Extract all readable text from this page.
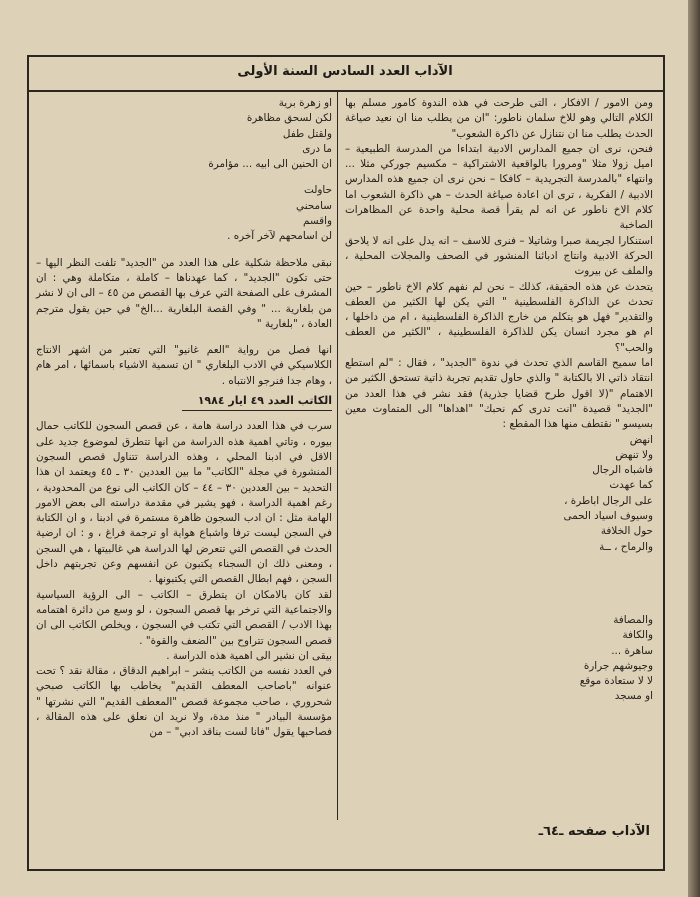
الآداب العدد السادس السنة الأولى

ومن الامور / الافكار ، التى طرحت في هذه الندوة كامور مسلم بها الكلام التالي وهو للاخ سلمان ناطور: "ان من يطلب منا ان نعيد صياغة الحدث يطلب منا ان نتنازل عن ذاكرة الشعوب"

فنحن، نرى ان جميع المدارس الادبية ابتداءا من المدرسة الطبيعية – اميل زولا مثلا "ومرورا بالواقعية الاشتراكية – مكسيم جوركي مثلا ... وانتهاء "بالمدرسة التجريدية – كافكا – نحن نرى ان جميع هذه المدارس الادبية / الفكرية ، ترى ان اعادة صياغة الحدث – هي ذاكرة الشعوب اما كلام الاخ ناطور عن انه لم يقرأ قصة محلية واحدة عن المظاهرات الصاخبة

استنكارا لجريمة صبرا وشاتيلا – فنرى للاسف – انه يدل على انه لا يلاحق الحركة الادبية وانتاج ادبائنا المنشور في الصحف والمجلات المحلية ، والملف عن بيروت

يتحدث عن هذه الحقيقة، كذلك – نحن لم نفهم كلام الاخ ناطور – حين تحدث عن الذاكرة الفلسطينية " التي يكن لها الكثير من العطف والتقدير" فهل هو يتكلم من خارج الذاكرة الفلسطينية ، ام من داخلها ، ام هو مجرد انسان يكن للذاكرة الفلسطينية ، "الكثير من العطف والحب"؟

اما سميح القاسم الذي تحدث في ندوة "الجديد" ، فقال : "لم استطع انتقاد ذاتي الا بالكتابة " والذي حاول تقديم تجربة ذاتية تستحق الكثير من الاهتمام "(لا اقول طرح قضايا جذرية) فقد نشر في هذا العدد من "الجديد" قصيدة "انت تدرى كم نحبك" "اهداها" الى المتماوت معين بسيسو " نقتطف منها هذا المقطع :

انهض

ولا تنهض

فاشباه الرجال

كما عهدت

على الرجال اباطرة ،

وسيوف اسياد الحمى

حول الخلافة

والرماح ، ــة

والمصافة

والكافة

ساهرة ...

وجيوشهم جرارة

لا لا ستعادة موقع

او مسجد

او زهرة برية

لكن لسحق مظاهرة

ولقتل طفل

ما درى

ان الحنين الى ابيه ... مؤامرة

حاولت

سامحني

واقسم

لن اسامحهم لآخر آخره .

نبقى ملاحظة شكلية على هذا العدد من "الجديد" تلفت النظر اليها – حتى تكون "الجديد" ، كما عهدناها – كاملة ، متكاملة وهي : ان المشرف على الصفحة التي عرف بها القصص من ٤٥ – الى ان لا نشر من بلغارية ... " وفي القصة البلغارية ...الخ" في حين يقول مترجم العادة ، "بلغارية "

انها فصل من رواية "العم غانيو" التي تعتبر من اشهر الانتاج الكلاسيكي في الادب البلغاري " ان تسمية الاشياء باسمائها ، امر هام ، وهام جدا فنرجو الانتباه .

الكاتب العدد ٤٩ ايار ١٩٨٤

سرب في هذا العدد دراسة هامة ، عن قصص السجون للكاتب حمال بيوره ، وتاتي اهمية هذه الدراسة من انها تتطرق لموضوع جديد على الاقل في ادبنا المحلي ، وهذه الدراسة تتناول قصص السجون المنشورة في مجلة "الكاتب" ما بين العددين ٣٠ ـ ٤٥ ويعتمد ان هذا التحديد – بين العددين ٣٠ – ٤٤ – كان الكاتب الى نوع من المحدودية ، رغم اهمية الدراسة ، فهو يشير في مقدمة دراسته الى بعض الامور الهامة مثل : ان ادب السجون ظاهرة مستمرة في ادبنا ، و ان الكتابة في السجن ليست ترفا واشباع هواية او ترجمة فراغ ، و : ان ارضية الحدث في القصص التي تتعرض لها الدراسة هي غالبيتها ، هي السجن ، ومعنى ذلك ان السجناء يكتبون عن انفسهم وعن تجربتهم داخل السجن ، فهم ابطال القصص التي يكتبونها .

لقد كان بالامكان ان يتطرق – الكاتب – الى الرؤية السياسية والاجتماعية التي ترخر بها قصص السجون ، لو وسع من دائرة اهتمامه بهذا الادب / القصص التي تكتب في السجون ، ويخلص الكاتب الى ان قصص السجون تتراوح بين "الضعف والقوة" .

بيقى ان نشير الى اهمية هذه الدراسة .

في العدد نفسه من الكاتب ينشر – ابراهيم الدقاق ، مقالة نقد ؟ تحت عنوانه "باصاحب المعطف القديم" يخاطب بها الكاتب صبحي شحروري ، صاحب مجموعة قصص "المعطف القديم" التي نشرتها " مؤسسة البيادر " منذ مدة، ولا نريد ان نعلق على هذه المقالة ، فصاحبها يقول "فانا لست بناقد ادبي" – من

الآداب صفحه ـ٦٤ـ
